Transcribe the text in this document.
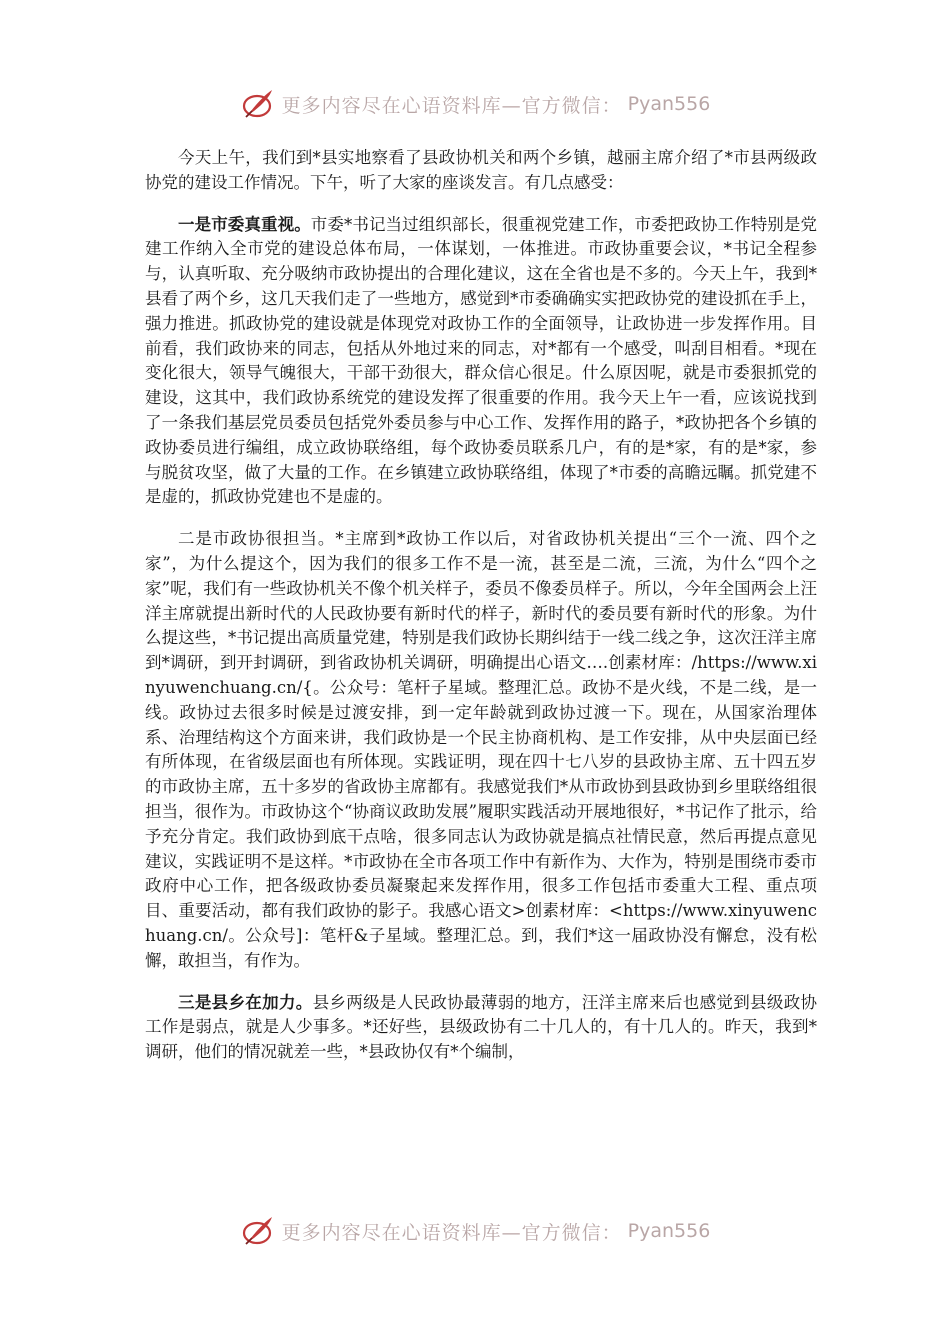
更多内容尽在心语资料库—官方微信： Pyan556

今天上午，我们到*县实地察看了县政协机关和两个乡镇，越丽主席介绍了*市县两级政协党的建设工作情况。下午，听了大家的座谈发言。有几点感受：

一是市委真重视。市委*书记当过组织部长，很重视党建工作，市委把政协工作特别是党建工作纳入全市党的建设总体布局，一体谋划，一体推进。市政协重要会议，*书记全程参与，认真听取、充分吸纳市政协提出的合理化建议，这在全省也是不多的。今天上午，我到*县看了两个乡，这几天我们走了一些地方，感觉到*市委确确实实把政协党的建设抓在手上，强力推进。抓政协党的建设就是体现党对政协工作的全面领导，让政协进一步发挥作用。目前看，我们政协来的同志，包括从外地过来的同志，对*都有一个感受，叫刮目相看。*现在变化很大，领导气魄很大，干部干劲很大，群众信心很足。什么原因呢，就是市委狠抓党的建设，这其中，我们政协系统党的建设发挥了很重要的作用。我今天上午一看，应该说找到了一条我们基层党员委员包括党外委员参与中心工作、发挥作用的路子，*政协把各个乡镇的政协委员进行编组，成立政协联络组，每个政协委员联系几户，有的是*家，有的是*家，参与脱贫攻坚，做了大量的工作。在乡镇建立政协联络组，体现了*市委的高瞻远瞩。抓党建不是虚的，抓政协党建也不是虚的。

二是市政协很担当。*主席到*政协工作以后，对省政协机关提出“三个一流、四个之家”，为什么提这个，因为我们的很多工作不是一流，甚至是二流，三流，为什么“四个之家”呢，我们有一些政协机关不像个机关样子，委员不像委员样子。所以，今年全国两会上汪洋主席就提出新时代的人民政协要有新时代的样子，新时代的委员要有新时代的形象。为什么提这些，*书记提出高质量党建，特别是我们政协长期纠结于一线二线之争，这次汪洋主席到*调研，到开封调研，到省政协机关调研，明确提出心语文….创素材库：/https://www.xinyuwenchuang.cn/{。公众号：笔杆子星域。整理汇总。政协不是火线，不是二线，是一线。政协过去很多时候是过渡安排，到一定年龄就到政协过渡一下。现在，从国家治理体系、治理结构这个方面来讲，我们政协是一个民主协商机构、是工作安排，从中央层面已经有所体现，在省级层面也有所体现。实践证明，现在四十七八岁的县政协主席、五十四五岁的市政协主席，五十多岁的省政协主席都有。我感觉我们*从市政协到县政协到乡里联络组很担当，很作为。市政协这个“协商议政助发展”履职实践活动开展地很好，*书记作了批示，给予充分肯定。我们政协到底干点啥，很多同志认为政协就是搞点社情民意，然后再提点意见建议，实践证明不是这样。*市政协在全市各项工作中有新作为、大作为，特别是围绕市委市政府中心工作，把各级政协委员凝聚起来发挥作用，很多工作包括市委重大工程、重点项目、重要活动，都有我们政协的影子。我感心语文>创素材库：<https://www.xinyuwenchuang.cn/。公众号]：笔杆&子星域。整理汇总。到，我们*这一届政协没有懈怠，没有松懈，敢担当，有作为。

三是县乡在加力。县乡两级是人民政协最薄弱的地方，汪洋主席来后也感觉到县级政协工作是弱点，就是人少事多。*还好些，县级政协有二十几人的，有十几人的。昨天，我到*调研，他们的情况就差一些，*县政协仅有*个编制，

更多内容尽在心语资料库—官方微信： Pyan556
